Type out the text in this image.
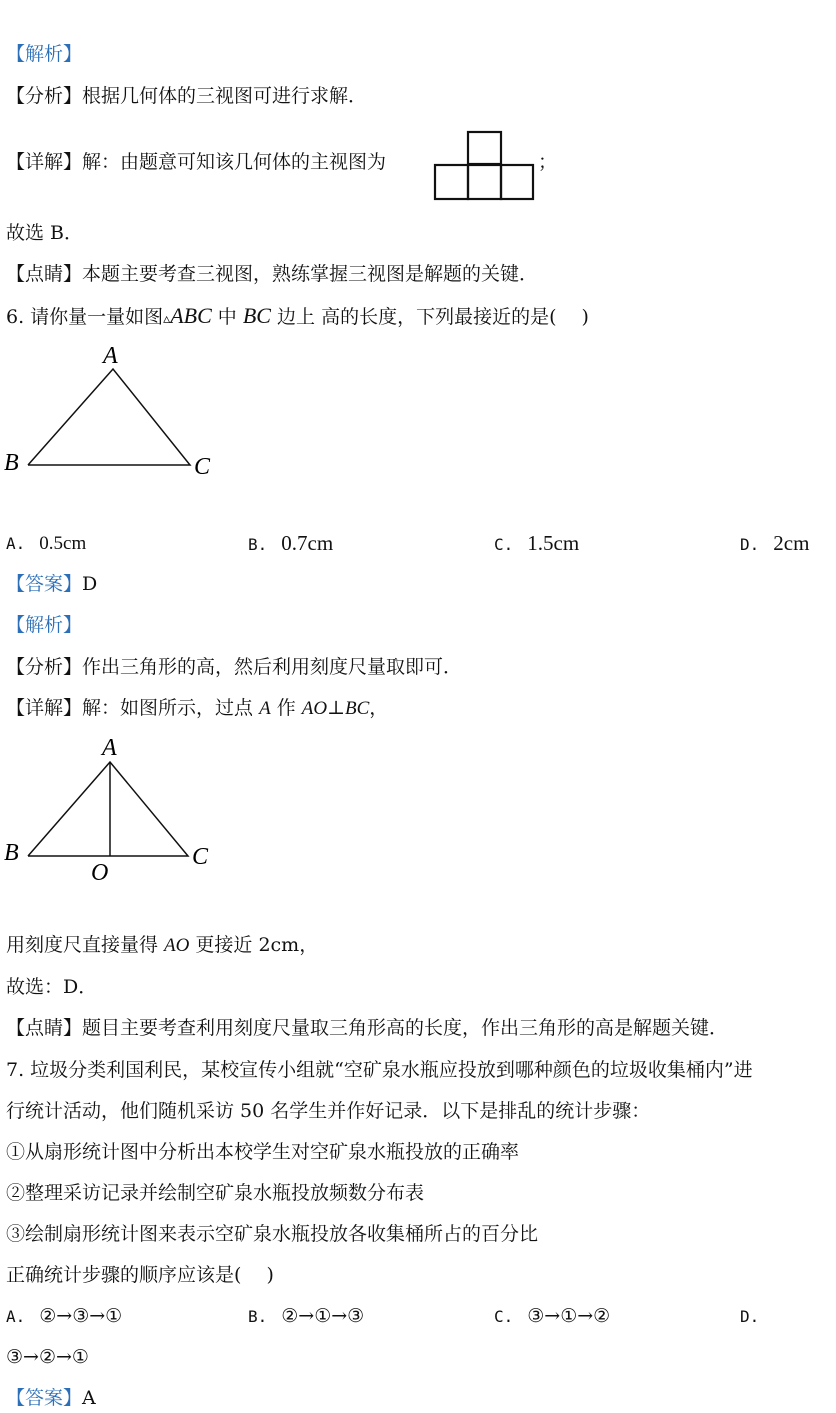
【解析】
【分析】根据几何体的三视图可进行求解．
【详解】解：由题意可知该几何体的主视图为	；
故选 B．
【点睛】本题主要考查三视图，熟练掌握三视图是解题的关键．
6. 请你量一量如图▵ABC 中 BC 边上 高的长度，下列最接近的是(　 )
A
B	C
A. 0.5cm	B. 0.7cm	C. 1.5cm	D. 2cm
【答案】D
【解析】
【分析】作出三角形的高，然后利用刻度尺量取即可．
【详解】解：如图所示，过点 A 作 AO⊥BC，
A
B	C
O
用刻度尺直接量得 AO 更接近 2cm，
故选：D．
【点睛】题目主要考查利用刻度尺量取三角形高的长度，作出三角形的高是解题关键．
7. 垃圾分类利国利民，某校宣传小组就“空矿泉水瓶应投放到哪种颜色的垃圾收集桶内”进
行统计活动，他们随机采访 50 名学生并作好记录．以下是排乱的统计步骤：
①从扇形统计图中分析出本校学生对空矿泉水瓶投放的正确率
②整理采访记录并绘制空矿泉水瓶投放频数分布表
③绘制扇形统计图来表示空矿泉水瓶投放各收集桶所占的百分比
正确统计步骤的顺序应该是(　 )
A. ②→③→①	B. ②→①→③	C. ③→①→②	D.
③→②→①
【答案】A
